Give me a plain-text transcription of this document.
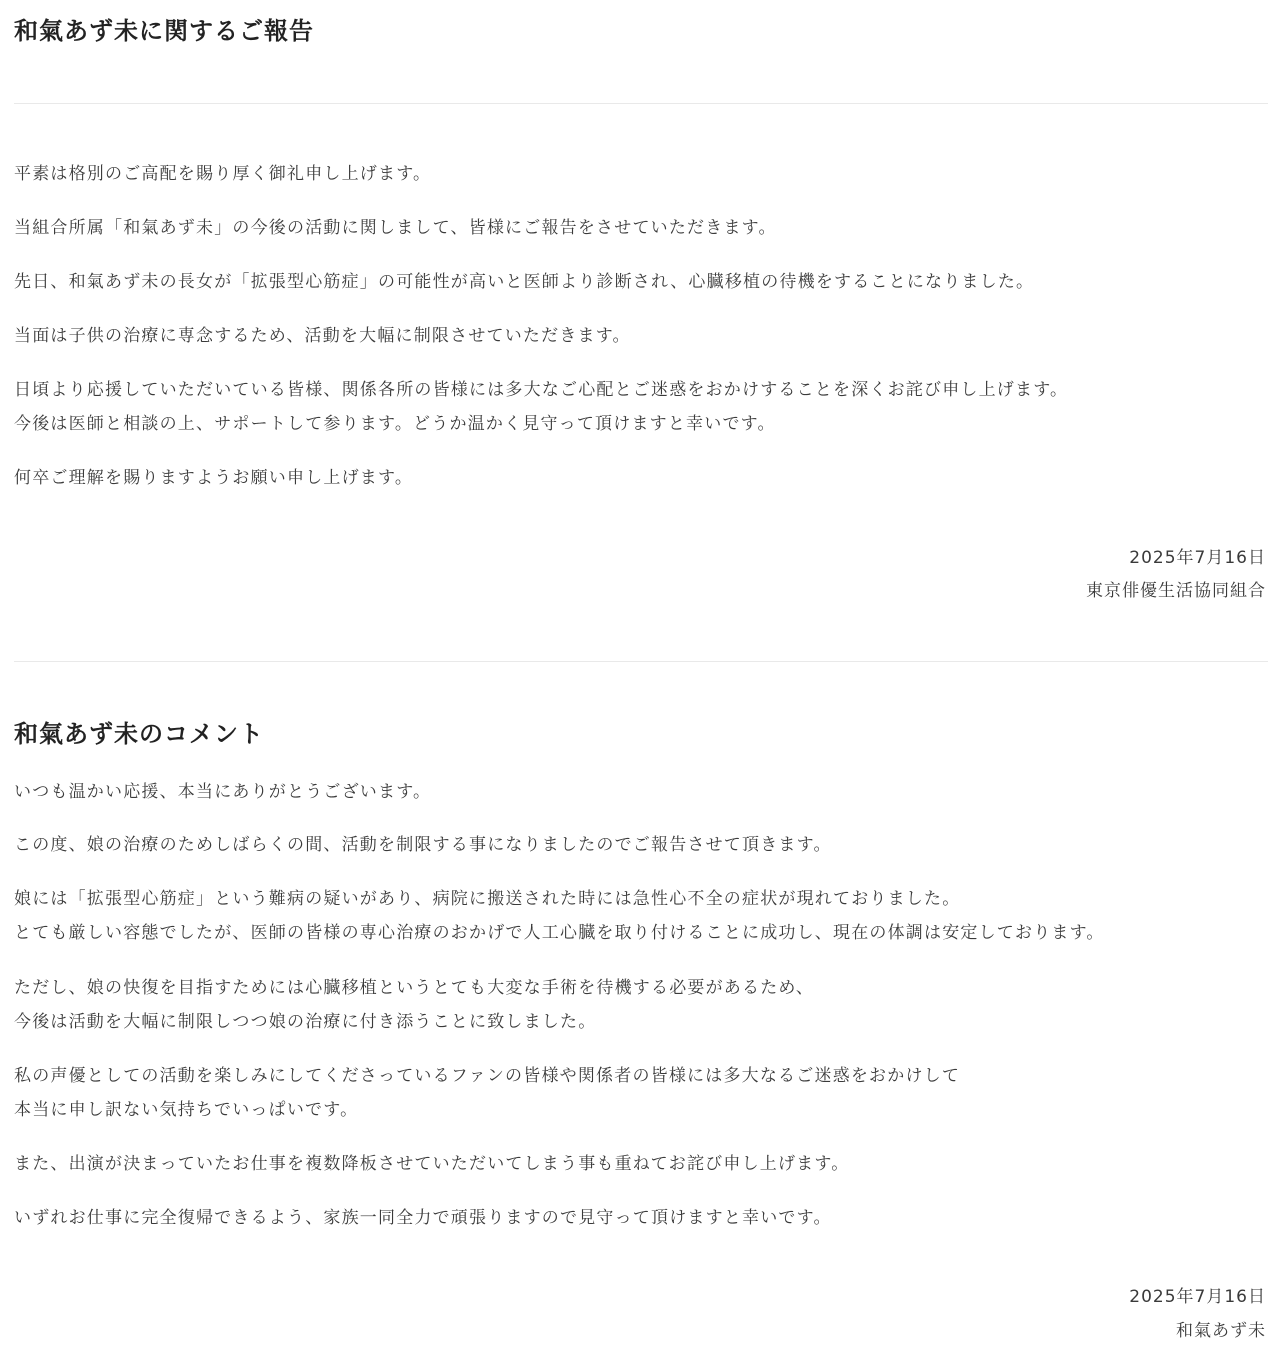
和氣あず未に関するご報告

平素は格別のご高配を賜り厚く御礼申し上げます。

当組合所属「和氣あず未」の今後の活動に関しまして、皆様にご報告をさせていただきます。

先日、和氣あず未の長女が「拡張型心筋症」の可能性が高いと医師より診断され、心臓移植の待機をすることになりました。

当面は子供の治療に専念するため、活動を大幅に制限させていただきます。

日頃より応援していただいている皆様、関係各所の皆様には多大なご心配とご迷惑をおかけすることを深くお詫び申し上げます。

今後は医師と相談の上、サポートして参ります。どうか温かく見守って頂けますと幸いです。

何卒ご理解を賜りますようお願い申し上げます。

2025年7月16日

東京俳優生活協同組合

和氣あず未のコメント

いつも温かい応援、本当にありがとうございます。

この度、娘の治療のためしばらくの間、活動を制限する事になりましたのでご報告させて頂きます。

娘には「拡張型心筋症」という難病の疑いがあり、病院に搬送された時には急性心不全の症状が現れておりました。

とても厳しい容態でしたが、医師の皆様の専心治療のおかげで人工心臓を取り付けることに成功し、現在の体調は安定しております。

ただし、娘の快復を目指すためには心臓移植というとても大変な手術を待機する必要があるため、

今後は活動を大幅に制限しつつ娘の治療に付き添うことに致しました。

私の声優としての活動を楽しみにしてくださっているファンの皆様や関係者の皆様には多大なるご迷惑をおかけして

本当に申し訳ない気持ちでいっぱいです。

また、出演が決まっていたお仕事を複数降板させていただいてしまう事も重ねてお詫び申し上げます。

いずれお仕事に完全復帰できるよう、家族一同全力で頑張りますので見守って頂けますと幸いです。

2025年7月16日

和氣あず未
